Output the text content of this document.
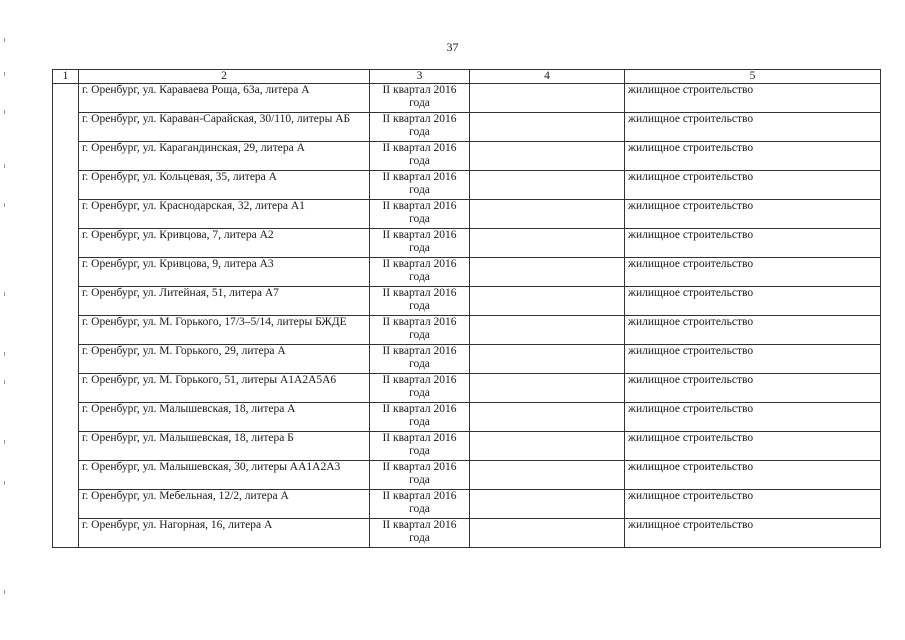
37
1	2	3	4	5
	г. Оренбург, ул. Караваева Роща, 63а, литера А	II квартал 2016 года		жилищное строительство
	г. Оренбург, ул. Караван-Сарайская, 30/110, литеры АБ	II квартал 2016 года		жилищное строительство
	г. Оренбург, ул. Карагандинская, 29, литера А	II квартал 2016 года		жилищное строительство
	г. Оренбург, ул. Кольцевая, 35, литера А	II квартал 2016 года		жилищное строительство
	г. Оренбург, ул. Краснодарская, 32, литера А1	II квартал 2016 года		жилищное строительство
	г. Оренбург, ул. Кривцова, 7, литера А2	II квартал 2016 года		жилищное строительство
	г. Оренбург, ул. Кривцова, 9, литера А3	II квартал 2016 года		жилищное строительство
	г. Оренбург, ул. Литейная, 51, литера А7	II квартал 2016 года		жилищное строительство
	г. Оренбург, ул. М. Горького, 17/3–5/14, литеры БЖДЕ	II квартал 2016 года		жилищное строительство
	г. Оренбург, ул. М. Горького, 29, литера А	II квартал 2016 года		жилищное строительство
	г. Оренбург, ул. М. Горького, 51, литеры А1А2А5А6	II квартал 2016 года		жилищное строительство
	г. Оренбург, ул. Малышевская, 18, литера А	II квартал 2016 года		жилищное строительство
	г. Оренбург, ул. Малышевская, 18, литера Б	II квартал 2016 года		жилищное строительство
	г. Оренбург, ул. Малышевская, 30, литеры АА1А2А3	II квартал 2016 года		жилищное строительство
	г. Оренбург, ул. Мебельная, 12/2, литера А	II квартал 2016 года		жилищное строительство
	г. Оренбург, ул. Нагорная, 16, литера А	II квартал 2016 года		жилищное строительство
